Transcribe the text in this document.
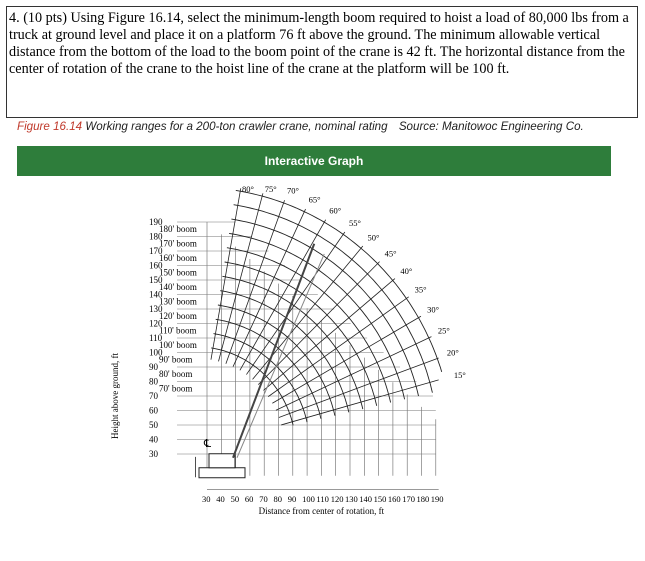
4. (10 pts) Using Figure 16.14, select the minimum-length boom required to hoist a load of 80,000 lbs from a truck at ground level and place it on a platform 76 ft above the ground. The minimum allowable vertical distance from the bottom of the load to the boom point of the crane is 42 ft. The horizontal distance from the center of rotation of the crane to the hoist line of the crane at the platform will be 100 ft.

Figure 16.14 Working ranges for a 200-ton crawler crane, nominal rating Source: Manitowoc Engineering Co.
Interactive Graph
80° 75° 70°
65°
60°
55°
50°
45°
40°
35°
30°
25°
20°
15°
℄
30
40
50
60
70
80
90
100
110
120
130
140
150
160
170
180
190
Height above ground, ft
180' boom
170' boom
160' boom
150' boom
140' boom
130' boom
120' boom
110' boom
100' boom
90' boom
80' boom
70' boom
30 40 50 60 70 80 90 100 110 120 130 140 150 160 170 180 190
Distance from center of rotation, ft
